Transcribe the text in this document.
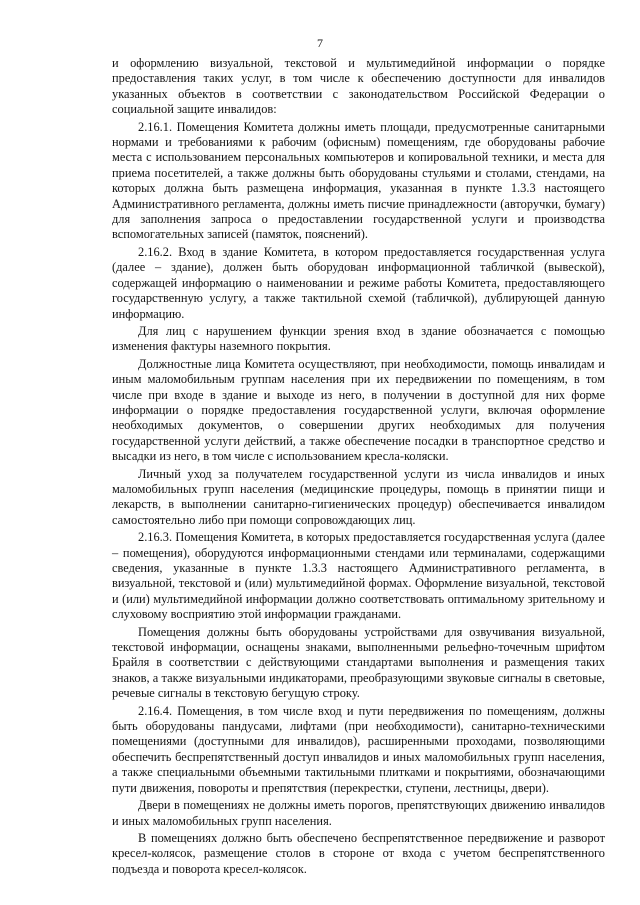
7

и оформлению визуальной, текстовой и мультимедийной информации о порядке предоставления таких услуг, в том числе к обеспечению доступности для инвалидов указанных объектов в соответствии с законодательством Российской Федерации о социальной защите инвалидов:

2.16.1. Помещения Комитета должны иметь площади, предусмотренные санитарными нормами и требованиями к рабочим (офисным) помещениям, где оборудованы рабочие места с использованием персональных компьютеров и копировальной техники, и места для приема посетителей, а также должны быть оборудованы стульями и столами, стендами, на которых должна быть размещена информация, указанная в пункте 1.3.3 настоящего Административного регламента, должны иметь писчие принадлежности (авторучки, бумагу) для заполнения запроса о предоставлении государственной услуги и производства вспомогательных записей (памяток, пояснений).

2.16.2. Вход в здание Комитета, в котором предоставляется государственная услуга (далее – здание), должен быть оборудован информационной табличкой (вывеской), содержащей информацию о наименовании и режиме работы Комитета, предоставляющего государственную услугу, а также тактильной схемой (табличкой), дублирующей данную информацию.

Для лиц с нарушением функции зрения вход в здание обозначается с помощью изменения фактуры наземного покрытия.

Должностные лица Комитета осуществляют, при необходимости, помощь инвалидам и иным маломобильным группам населения при их передвижении по помещениям, в том числе при входе в здание и выходе из него, в получении в доступной для них форме информации о порядке предоставления государственной услуги, включая оформление необходимых документов, о совершении других необходимых для получения государственной услуги действий, а также обеспечение посадки в транспортное средство и высадки из него, в том числе с использованием кресла-коляски.

Личный уход за получателем государственной услуги из числа инвалидов и иных маломобильных групп населения (медицинские процедуры, помощь в принятии пищи и лекарств, в выполнении санитарно-гигиенических процедур) обеспечивается инвалидом самостоятельно либо при помощи сопровождающих лиц.

2.16.3. Помещения Комитета, в которых предоставляется государственная услуга (далее – помещения), оборудуются информационными стендами или терминалами, содержащими сведения, указанные в пункте 1.3.3 настоящего Административного регламента, в визуальной, текстовой и (или) мультимедийной формах. Оформление визуальной, текстовой и (или) мультимедийной информации должно соответствовать оптимальному зрительному и слуховому восприятию этой информации гражданами.

Помещения должны быть оборудованы устройствами для озвучивания визуальной, текстовой информации, оснащены знаками, выполненными рельефно-точечным шрифтом Брайля в соответствии с действующими стандартами выполнения и размещения таких знаков, а также визуальными индикаторами, преобразующими звуковые сигналы в световые, речевые сигналы в текстовую бегущую строку.

2.16.4. Помещения, в том числе вход и пути передвижения по помещениям, должны быть оборудованы пандусами, лифтами (при необходимости), санитарно-техническими помещениями (доступными для инвалидов), расширенными проходами, позволяющими обеспечить беспрепятственный доступ инвалидов и иных маломобильных групп населения, а также специальными объемными тактильными плитками и покрытиями, обозначающими пути движения, повороты и препятствия (перекрестки, ступени, лестницы, двери).

Двери в помещениях не должны иметь порогов, препятствующих движению инвалидов и иных маломобильных групп населения.

В помещениях должно быть обеспечено беспрепятственное передвижение и разворот кресел-колясок, размещение столов в стороне от входа с учетом беспрепятственного подъезда и поворота кресел-колясок.
